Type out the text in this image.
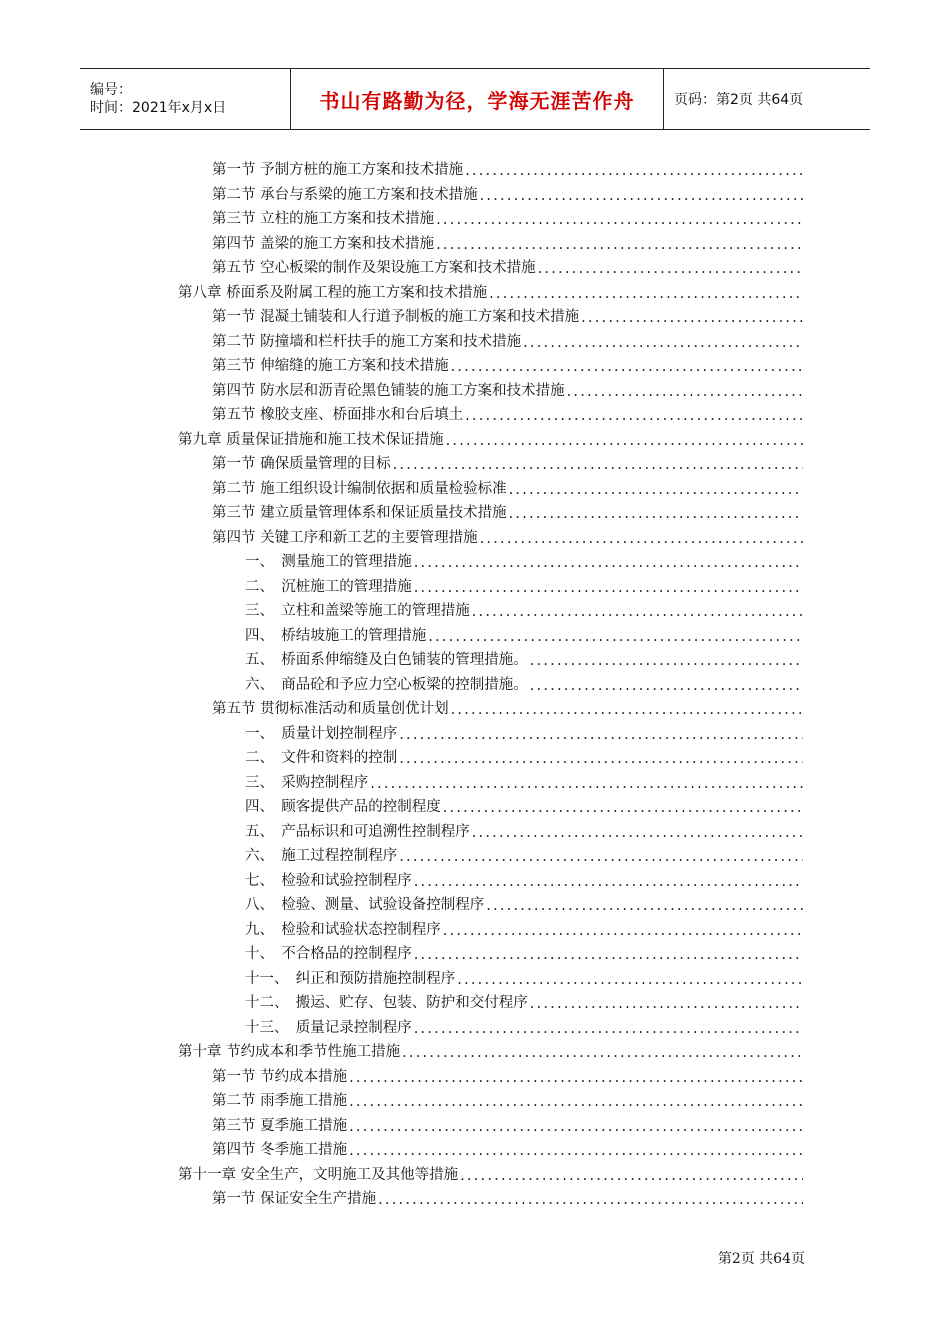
编号：
时间：2021年x月x日	书山有路勤为径，学海无涯苦作舟	页码：第2页 共64页
第一节 予制方桩的施工方案和技术措施
.....
第二节 承台与系梁的施工方案和技术措施
.....
第三节 立柱的施工方案和技术措施
.....
第四节 盖梁的施工方案和技术措施
.....
第五节 空心板梁的制作及架设施工方案和技术措施
.....
第八章 桥面系及附属工程的施工方案和技术措施
.....
第一节 混凝土铺装和人行道予制板的施工方案和技术措施
.....
第二节 防撞墙和栏杆扶手的施工方案和技术措施
.....
第三节 伸缩缝的施工方案和技术措施
.....
第四节 防水层和沥青砼黑色铺装的施工方案和技术措施
.....
第五节 橡胶支座、桥面排水和台后填土
.....
第九章 质量保证措施和施工技术保证措施
.....
第一节 确保质量管理的目标
.....
第二节 施工组织设计编制依据和质量检验标准
.....
第三节 建立质量管理体系和保证质量技术措施
.....
第四节 关键工序和新工艺的主要管理措施
.....
一、　测量施工的管理措施
.....
二、　沉桩施工的管理措施
.....
三、　立柱和盖梁等施工的管理措施
.....
四、　桥结坡施工的管理措施
.....
五、　桥面系伸缩缝及白色铺装的管理措施。
.....
六、　商品砼和予应力空心板梁的控制措施。
.....
第五节 贯彻标准活动和质量创优计划
.....
一、　质量计划控制程序
.....
二、　文件和资料的控制
.....
三、　采购控制程序
.....
四、　顾客提供产品的控制程度
.....
五、　产品标识和可追溯性控制程序
.....
六、　施工过程控制程序
.....
七、　检验和试验控制程序
.....
八、　检验、测量、试验设备控制程序
.....
九、　检验和试验状态控制程序
.....
十、　不合格品的控制程序
.....
十一、　纠正和预防措施控制程序
.....
十二、　搬运、贮存、包装、防护和交付程序
.....
十三、　质量记录控制程序
.....
第十章 节约成本和季节性施工措施
.....
第一节 节约成本措施
.....
第二节 雨季施工措施
.....
第三节 夏季施工措施
.....
第四节 冬季施工措施
.....
第十一章 安全生产，文明施工及其他等措施
.....
第一节 保证安全生产措施
.....
第2页 共64页
